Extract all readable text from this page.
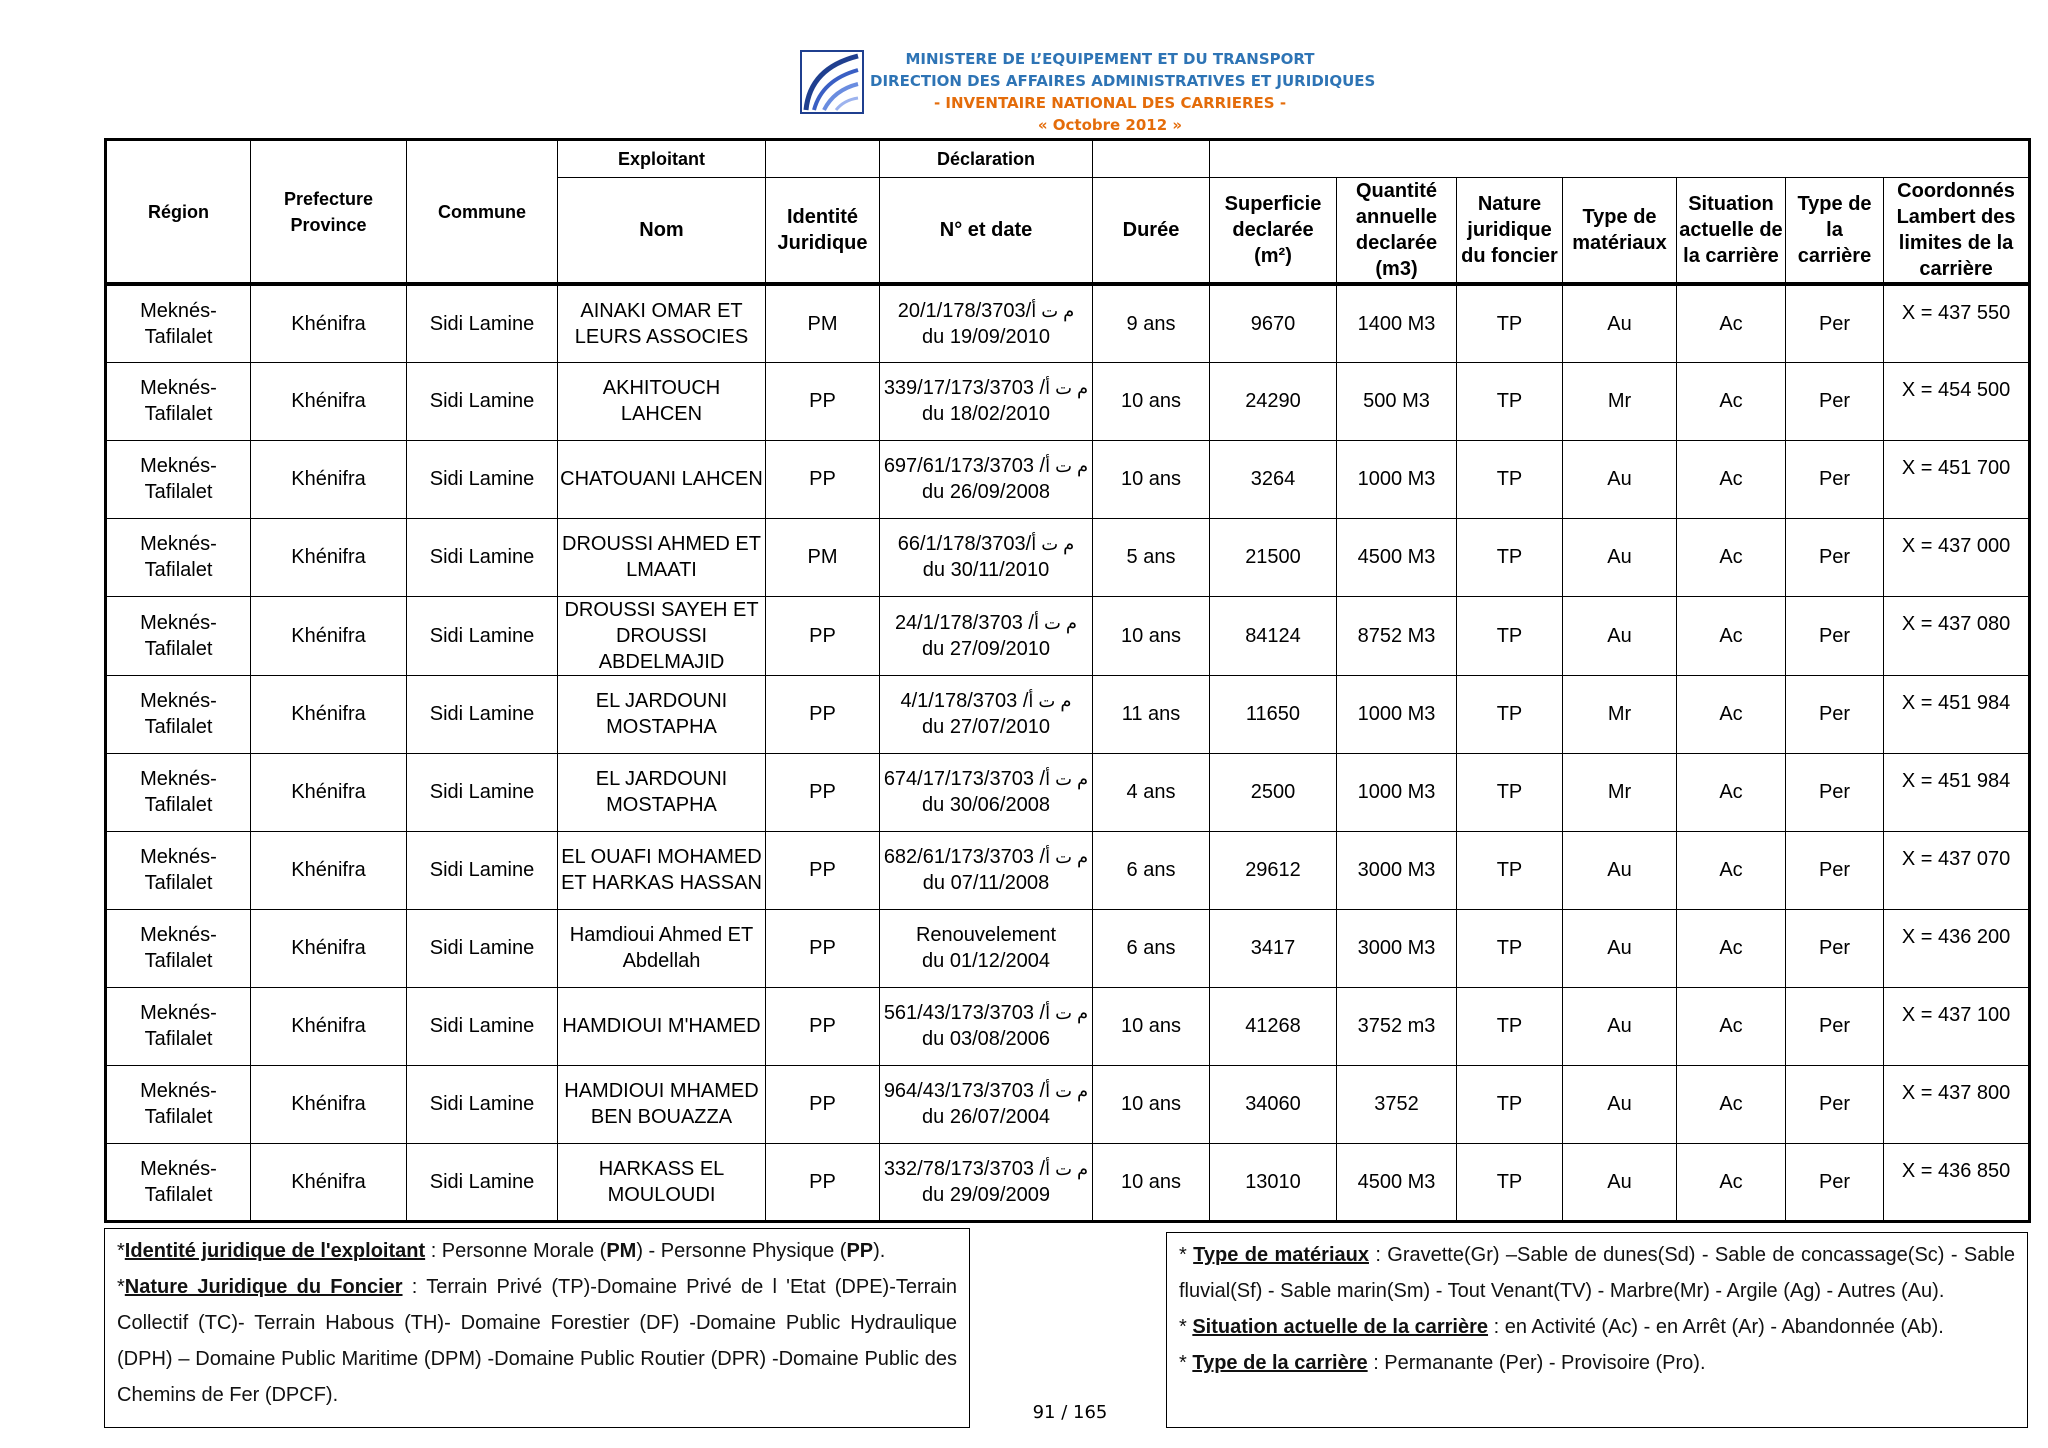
MINISTERE DE L’EQUIPEMENT ET DU TRANSPORT
DIRECTION DES AFFAIRES ADMINISTRATIVES ET JURIDIQUES
- INVENTAIRE NATIONAL DES CARRIERES -
« Octobre 2012 »
Région	Prefecture Province	Commune	Exploitant		Déclaration								
			Nom	Identité Juridique	N° et date	Durée	Superficie declarée (m²)	Quantité annuelle declarée (m3)	Nature juridique du foncier	Type de matériaux	Situation actuelle de la carrière	Type de la carrière	Coordonnés Lambert des limites de la carrière
Meknés-Tafilalet	Khénifra	Sidi Lamine	AINAKI OMAR ET LEURS ASSOCIES	PM	20/1/178/3703/م ت أ
du 19/09/2010	9 ans	9670	1400 M3	TP	Au	Ac	Per	X = 437 550
Meknés-Tafilalet	Khénifra	Sidi Lamine	AKHITOUCH LAHCEN	PP	339/17/173/3703 /م ت أ
du 18/02/2010	10 ans	24290	500 M3	TP	Mr	Ac	Per	X = 454 500
Meknés-Tafilalet	Khénifra	Sidi Lamine	CHATOUANI LAHCEN	PP	697/61/173/3703 /م ت أ
du 26/09/2008	10 ans	3264	1000 M3	TP	Au	Ac	Per	X = 451 700
Meknés-Tafilalet	Khénifra	Sidi Lamine	DROUSSI AHMED ET LMAATI	PM	66/1/178/3703/م ت أ
du 30/11/2010	5 ans	21500	4500 M3	TP	Au	Ac	Per	X = 437 000
Meknés-Tafilalet	Khénifra	Sidi Lamine	DROUSSI SAYEH ET DROUSSI ABDELMAJID	PP	24/1/178/3703 /م ت أ
du 27/09/2010	10 ans	84124	8752 M3	TP	Au	Ac	Per	X = 437 080
Meknés-Tafilalet	Khénifra	Sidi Lamine	EL JARDOUNI MOSTAPHA	PP	4/1/178/3703 /م ت أ
du 27/07/2010	11 ans	11650	1000 M3	TP	Mr	Ac	Per	X = 451 984
Meknés-Tafilalet	Khénifra	Sidi Lamine	EL JARDOUNI MOSTAPHA	PP	674/17/173/3703 /م ت أ
du 30/06/2008	4 ans	2500	1000 M3	TP	Mr	Ac	Per	X = 451 984
Meknés-Tafilalet	Khénifra	Sidi Lamine	EL OUAFI MOHAMED ET HARKAS HASSAN	PP	682/61/173/3703 /م ت أ
du 07/11/2008	6 ans	29612	3000 M3	TP	Au	Ac	Per	X = 437 070
Meknés-Tafilalet	Khénifra	Sidi Lamine	Hamdioui Ahmed ET Abdellah	PP	Renouvelement
du 01/12/2004	6 ans	3417	3000 M3	TP	Au	Ac	Per	X = 436 200
Meknés-Tafilalet	Khénifra	Sidi Lamine	HAMDIOUI M'HAMED	PP	561/43/173/3703 /م ت أ
du 03/08/2006	10 ans	41268	3752 m3	TP	Au	Ac	Per	X = 437 100
Meknés-Tafilalet	Khénifra	Sidi Lamine	HAMDIOUI MHAMED BEN BOUAZZA	PP	964/43/173/3703 /م ت أ
du 26/07/2004	10 ans	34060	3752	TP	Au	Ac	Per	X = 437 800
Meknés-Tafilalet	Khénifra	Sidi Lamine	HARKASS EL MOULOUDI	PP	332/78/173/3703 /م ت أ
du 29/09/2009	10 ans	13010	4500 M3	TP	Au	Ac	Per	X = 436 850

*Identité juridique de l'exploitant : Personne Morale (PM) - Personne Physique (PP).

*Nature Juridique du Foncier : Terrain Privé (TP)-Domaine Privé de l 'Etat (DPE)-Terrain Collectif (TC)- Terrain Habous (TH)- Domaine Forestier (DF) -Domaine Public Hydraulique (DPH) – Domaine Public Maritime (DPM) -Domaine Public Routier (DPR) -Domaine Public des Chemins de Fer (DPCF).

* Type de matériaux : Gravette(Gr) –Sable de dunes(Sd) - Sable de concassage(Sc) - Sable fluvial(Sf) - Sable marin(Sm) - Tout Venant(TV) - Marbre(Mr) - Argile (Ag) - Autres (Au).

* Situation actuelle de la carrière : en Activité (Ac) - en Arrêt (Ar) - Abandonnée (Ab).

* Type de la carrière : Permanante (Per) - Provisoire (Pro).

91 / 165
